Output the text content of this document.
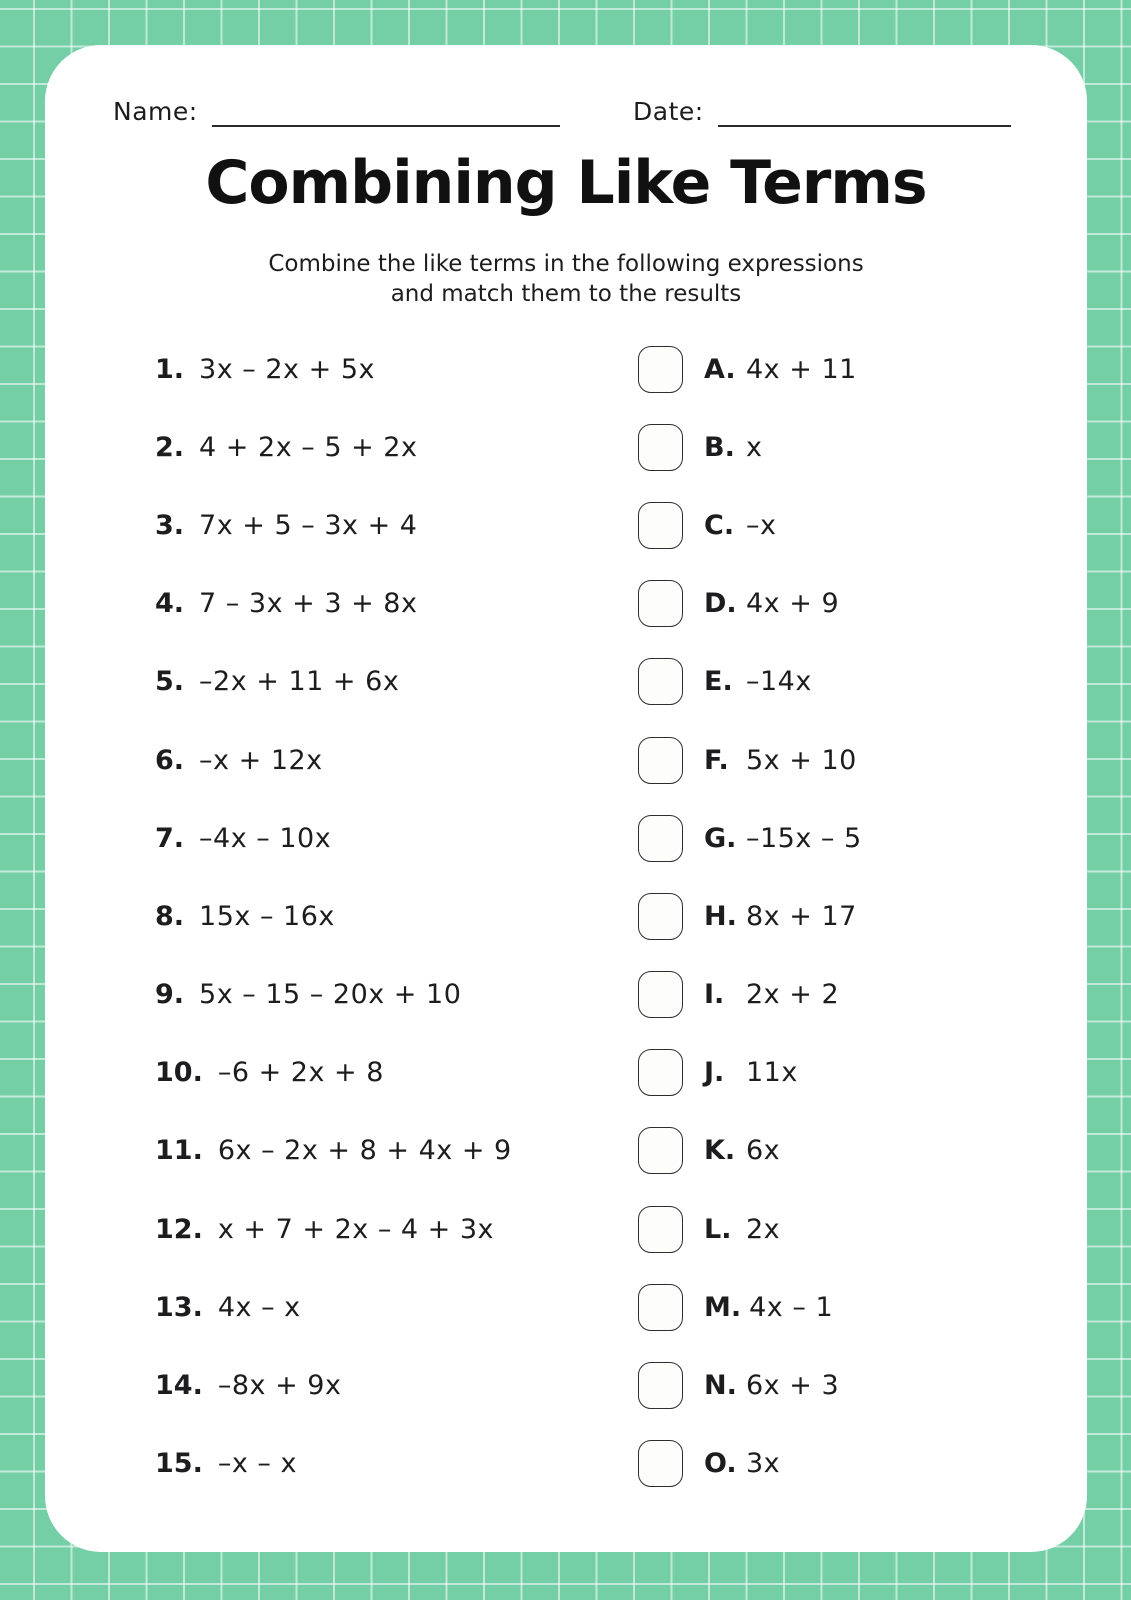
Name:	Date:
Combining Like Terms
Combine the like terms in the following expressions
and match them to the results
1. 3x – 2x + 5x	A. 4x + 11
2. 4 + 2x – 5 + 2x	B. x
3. 7x + 5 – 3x + 4	C. –x
4. 7 – 3x + 3 + 8x	D. 4x + 9
5. –2x + 11 + 6x	E. –14x
6. –x + 12x	F. 5x + 10
7. –4x – 10x	G. –15x – 5
8. 15x – 16x	H. 8x + 17
9. 5x – 15 – 20x + 10	I. 2x + 2
10. –6 + 2x + 8	J. 11x
11. 6x – 2x + 8 + 4x + 9	K. 6x
12. x + 7 + 2x – 4 + 3x	L. 2x
13. 4x – x	M. 4x – 1
14. –8x + 9x	N. 6x + 3
15. –x – x	O. 3x
